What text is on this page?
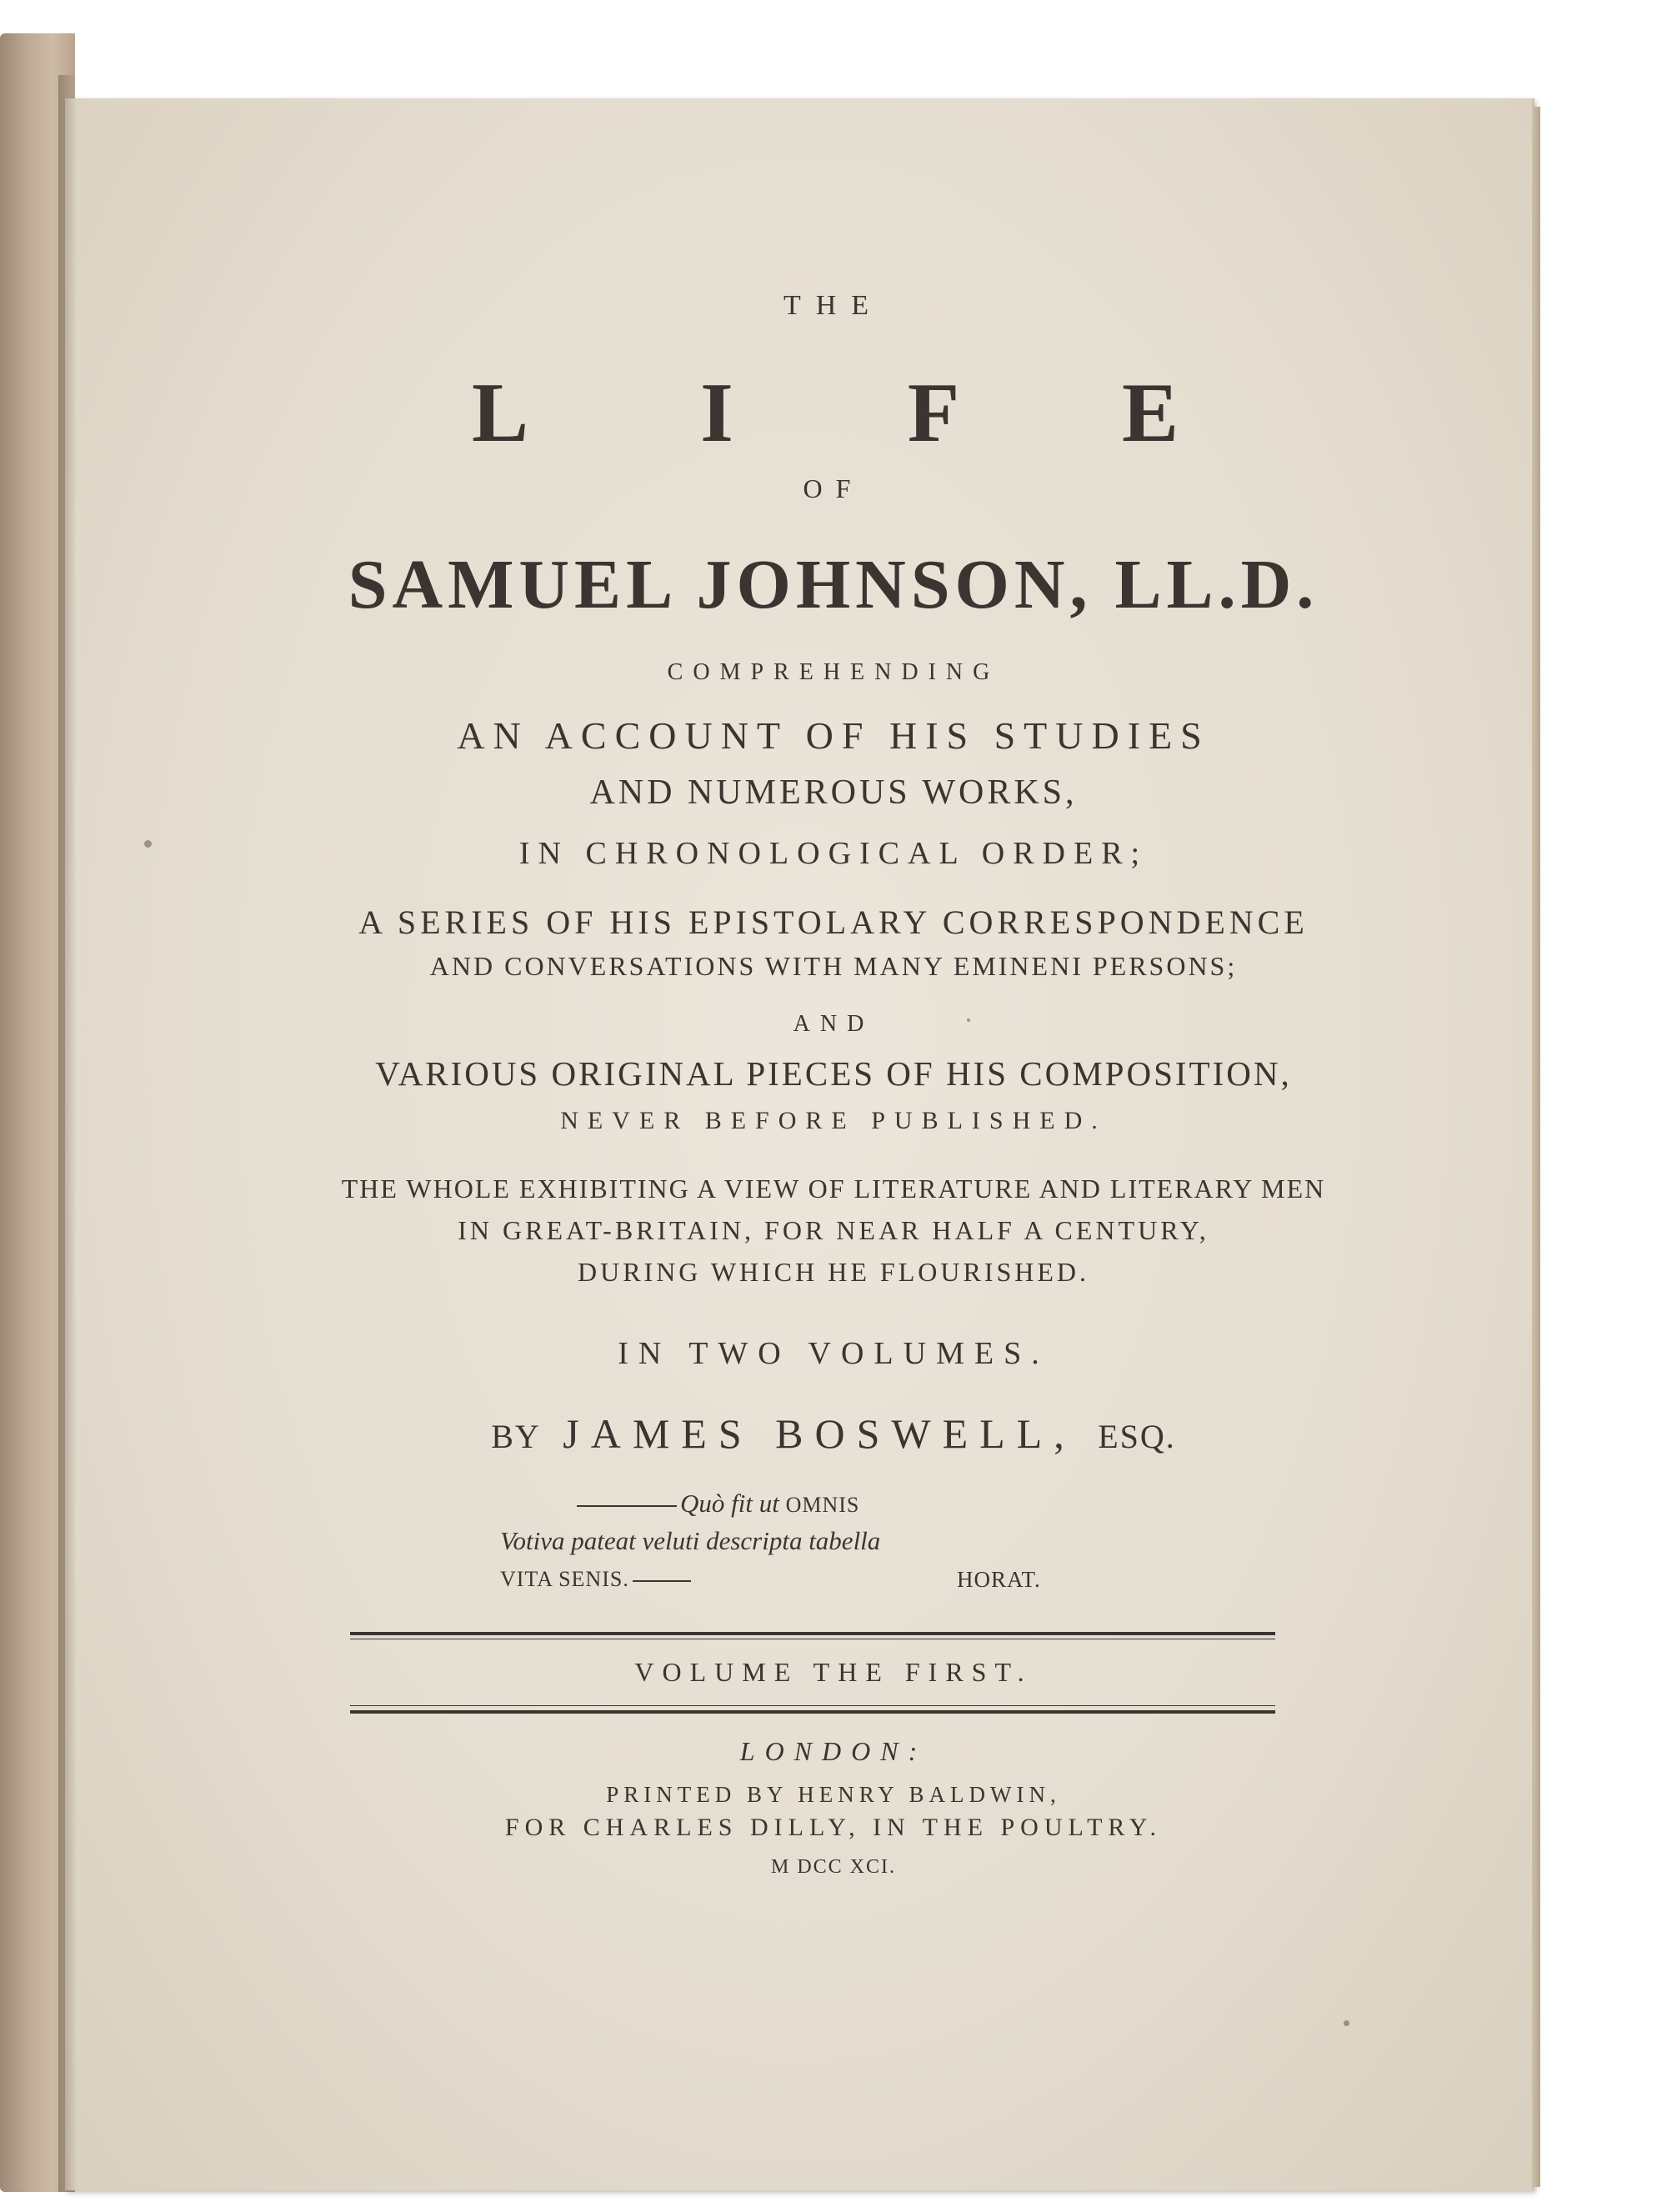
THE
L I F E
OF
SAMUEL JOHNSON, LL.D.
COMPREHENDING
AN ACCOUNT OF HIS STUDIES
AND NUMEROUS WORKS,
IN CHRONOLOGICAL ORDER;
A SERIES OF HIS EPISTOLARY CORRESPONDENCE
AND CONVERSATIONS WITH MANY EMINENI PERSONS;
AND
VARIOUS ORIGINAL PIECES OF HIS COMPOSITION,
NEVER BEFORE PUBLISHED.
THE WHOLE EXHIBITING A VIEW OF LITERATURE AND LITERARY MEN
IN GREAT-BRITAIN, FOR NEAR HALF A CENTURY,
DURING WHICH HE FLOURISHED.
IN TWO VOLUMES.
BY JAMES BOSWELL, ESQ.
Quò fit ut OMNIS
Votiva pateat veluti descripta tabella
VITA SENIS.	HORAT.
VOLUME THE FIRST.
LONDON:
PRINTED BY HENRY BALDWIN,
FOR CHARLES DILLY, IN THE POULTRY.
M DCC XCI.
